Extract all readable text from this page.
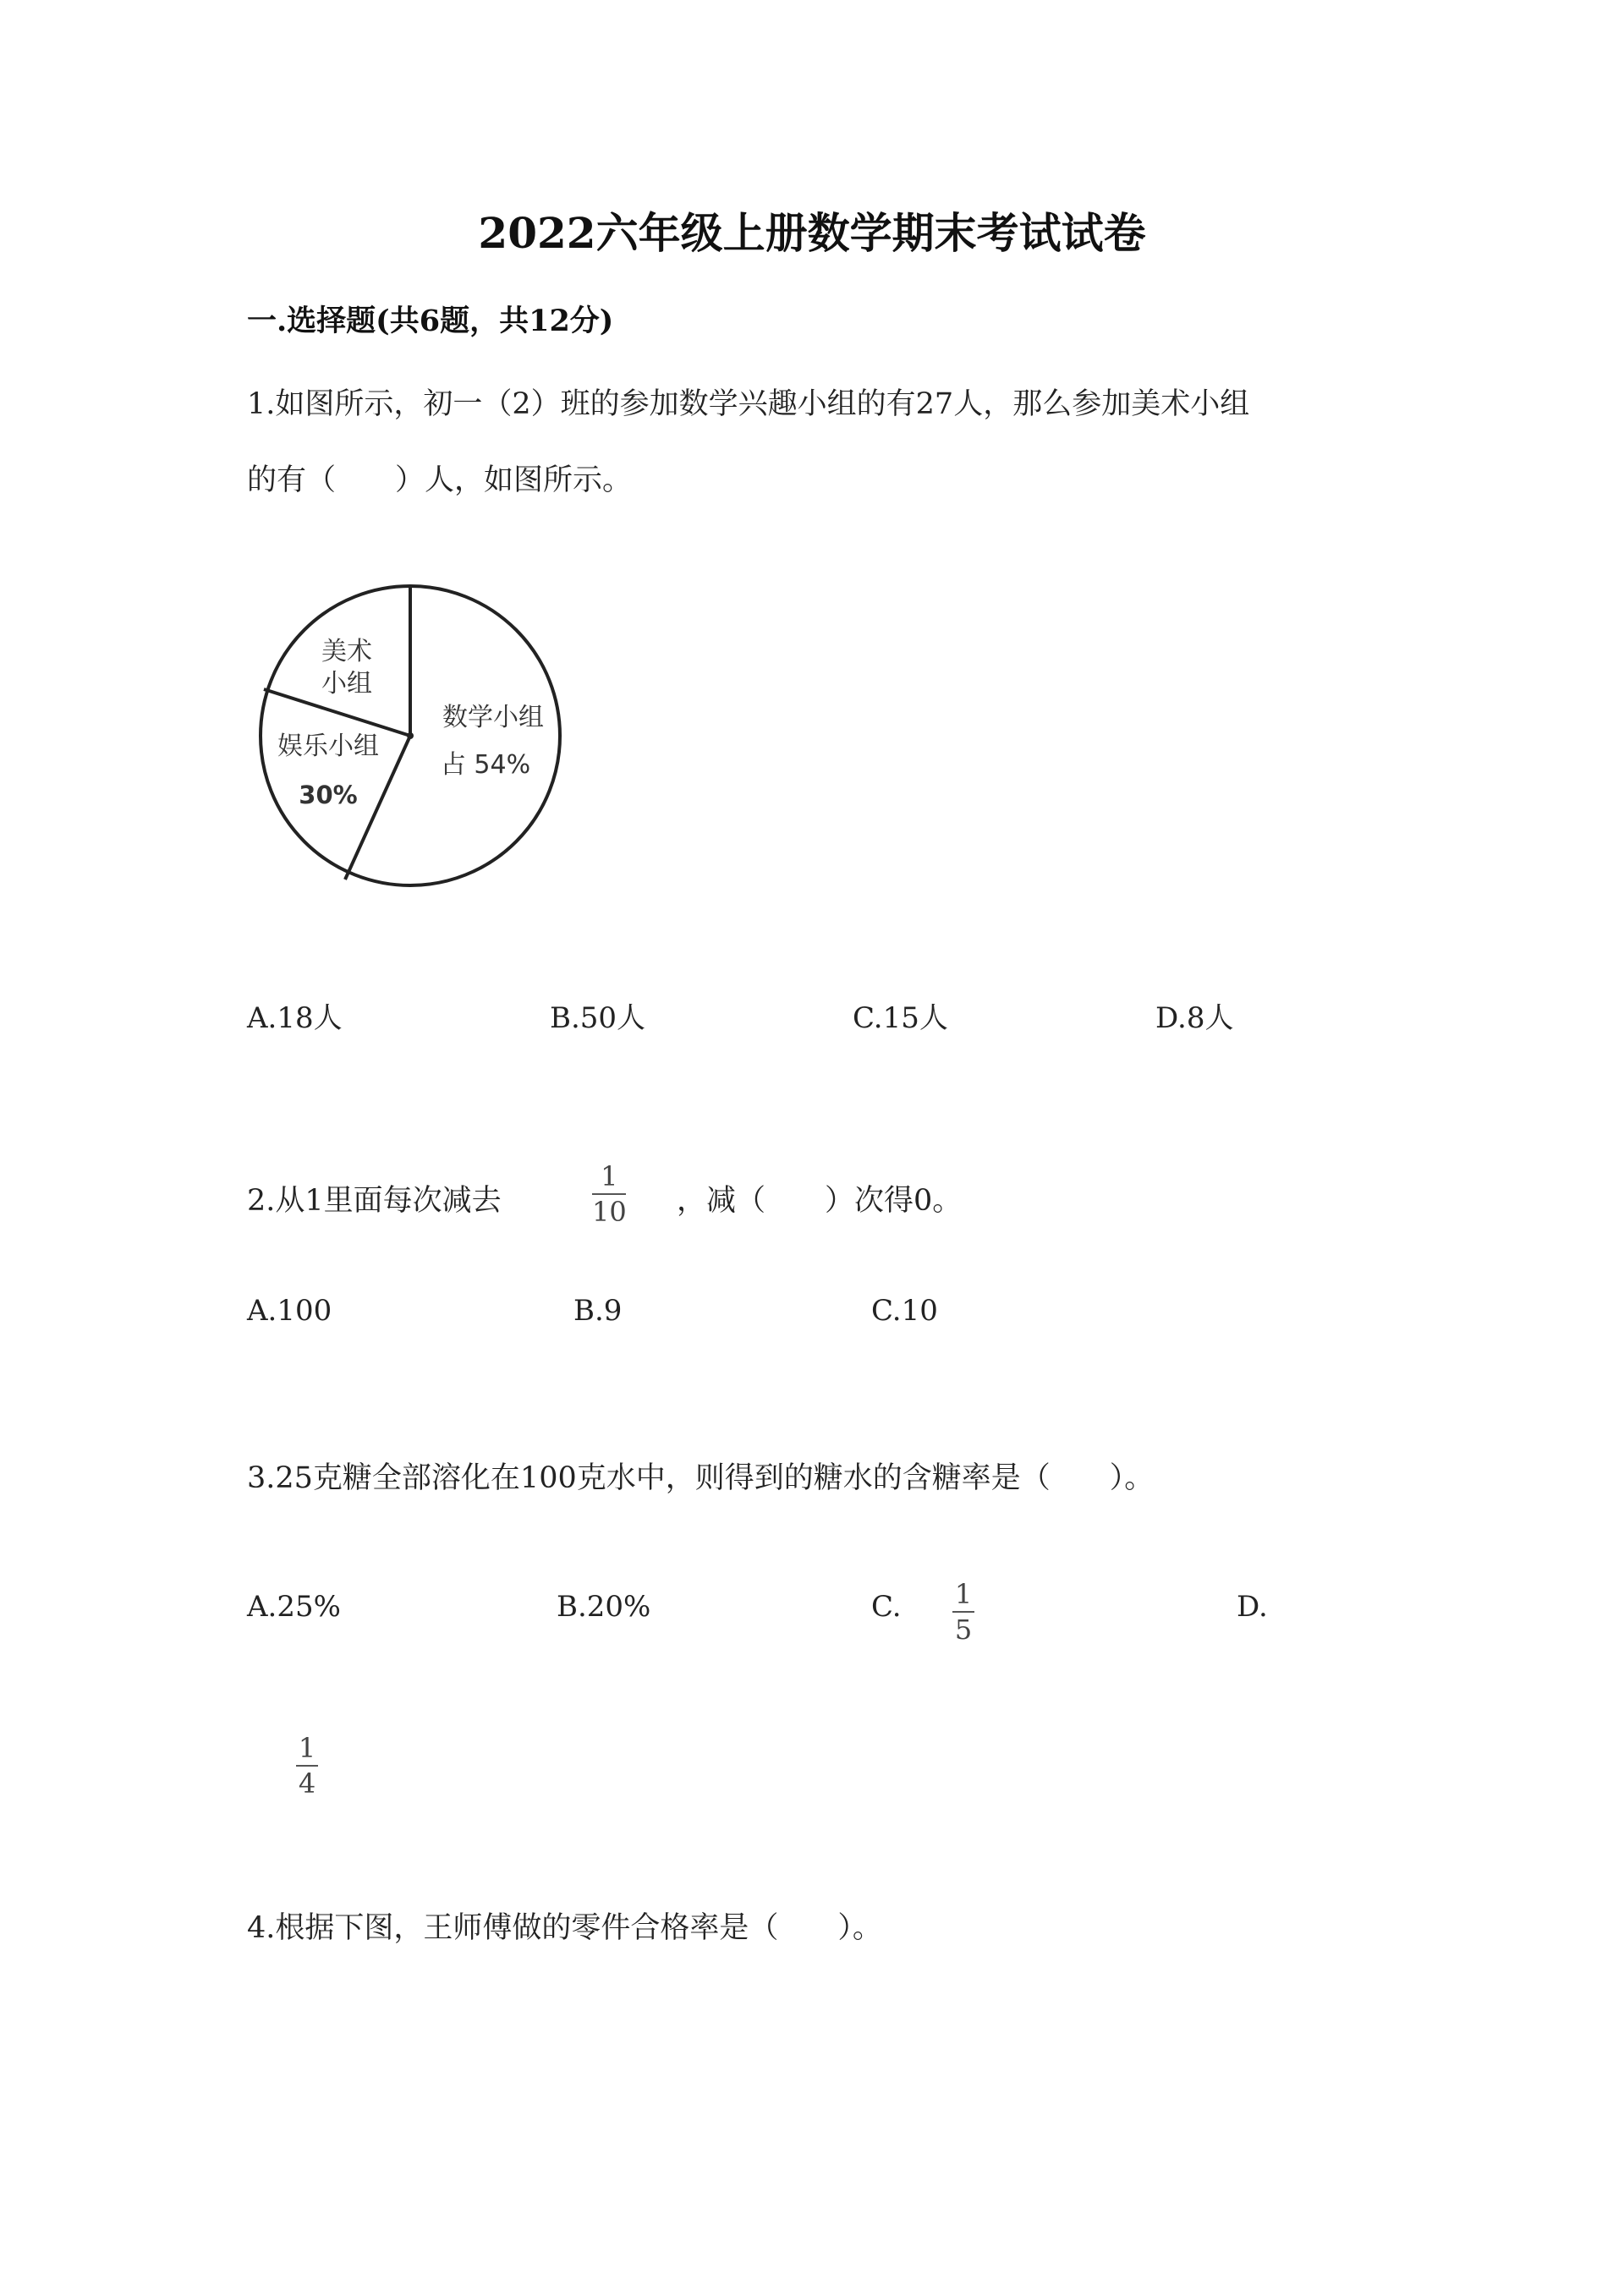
2022六年级上册数学期末考试试卷
一.选择题(共6题，共12分)
1.如图所示，初一（2）班的参加数学兴趣小组的有27人，那么参加美术小组
的有（　　）人，如图所示。
美术
小组
娱乐小组
30%
数学小组
占 54%
A.18人	B.50人	C.15人	D.8人
2.从1里面每次减去
1
10 ，减（　　）次得0。
A.100	B.9	C.10
3.25克糖全部溶化在100克水中，则得到的糖水的含糖率是（　　）。
A.25%	B.20%	C. 1
5
D.
1
4
4.根据下图，王师傅做的零件合格率是（　　）。
